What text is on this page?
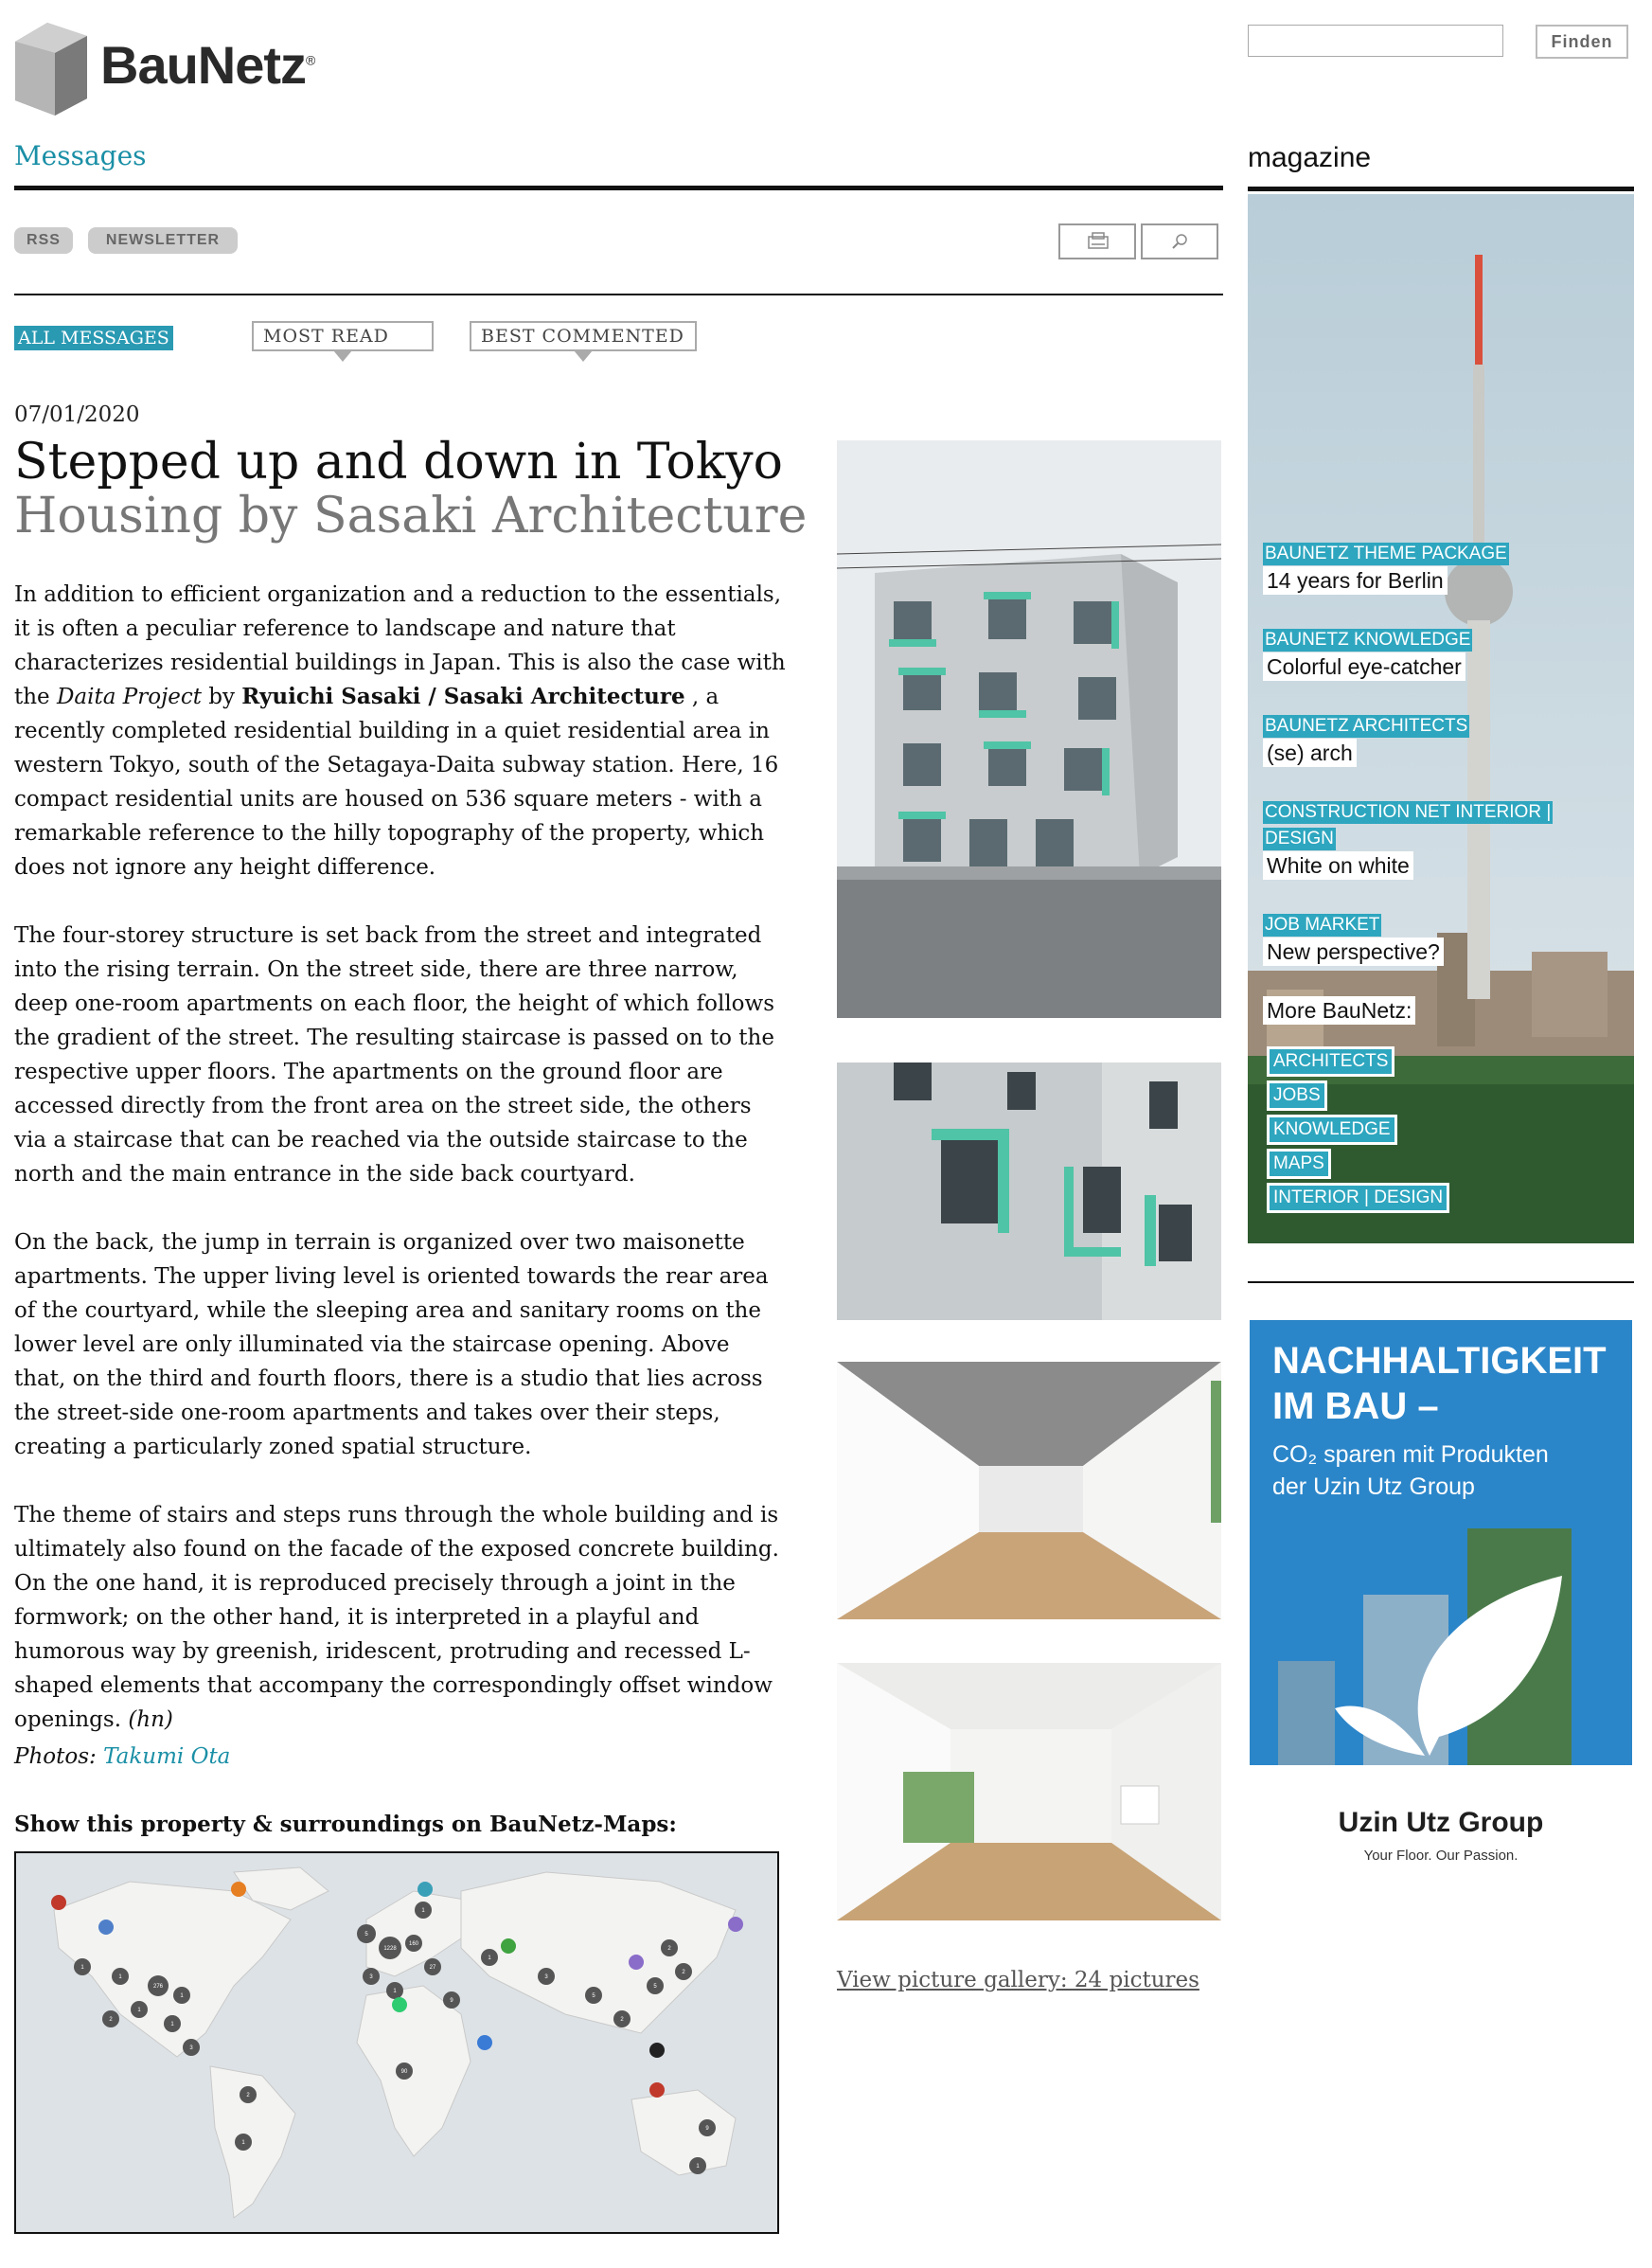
BauNetz®
Finden
Messages
RSS	NEWSLETTER
ALL MESSAGES	MOST READ	BEST COMMENTED
07/01/2020
Stepped up and down in Tokyo
Housing by Sasaki Architecture

In addition to efficient organization and a reduction to the essentials, it is often a peculiar reference to landscape and nature that characterizes residential buildings in Japan. This is also the case with the Daita Project by Ryuichi Sasaki / Sasaki Architecture , a recently completed residential building in a quiet residential area in western Tokyo, south of the Setagaya-Daita subway station. Here, 16 compact residential units are housed on 536 square meters - with a remarkable reference to the hilly topography of the property, which does not ignore any height difference.

The four-storey structure is set back from the street and integrated into the rising terrain. On the street side, there are three narrow, deep one-room apartments on each floor, the height of which follows the gradient of the street. The resulting staircase is passed on to the respective upper floors. The apartments on the ground floor are accessed directly from the front area on the street side, the others via a staircase that can be reached via the outside staircase to the north and the main entrance in the side back courtyard.

On the back, the jump in terrain is organized over two maisonette apartments. The upper living level is oriented towards the rear area of the courtyard, while the sleeping area and sanitary rooms on the lower level are only illuminated via the staircase opening. Above that, on the third and fourth floors, there is a studio that lies across the street-side one-room apartments and takes over their steps, creating a particularly zoned spatial structure.

The theme of stairs and steps runs through the whole building and is ultimately also found on the facade of the exposed concrete building. On the one hand, it is reproduced precisely through a joint in the formwork; on the other hand, it is interpreted in a playful and humorous way by greenish, iridescent, protruding and recessed L-shaped elements that accompany the correspondingly offset window openings. (hn)

Photos: Takumi Ota
Show this property & surroundings on BauNetz-Maps:
1
1
276
1
1
2
1
3
2
1
5
1
1228
3
160
27
1
90
9
1
3
5
5
2
2
2
9
1
View picture gallery: 24 pictures
magazine
BAUNETZ THEME PACKAGE
14 years for Berlin
BAUNETZ KNOWLEDGE
Colorful eye-catcher
BAUNETZ ARCHITECTS
(se) arch
CONSTRUCTION NET INTERIOR |
DESIGN
White on white
JOB MARKET
New perspective?
More BauNetz:
ARCHITECTS
JOBS
KNOWLEDGE
MAPS
INTERIOR | DESIGN
NACHHALTIGKEIT
IM BAU –
CO₂ sparen mit Produkten
der Uzin Utz Group
Uzin Utz Group
Your Floor. Our Passion.
